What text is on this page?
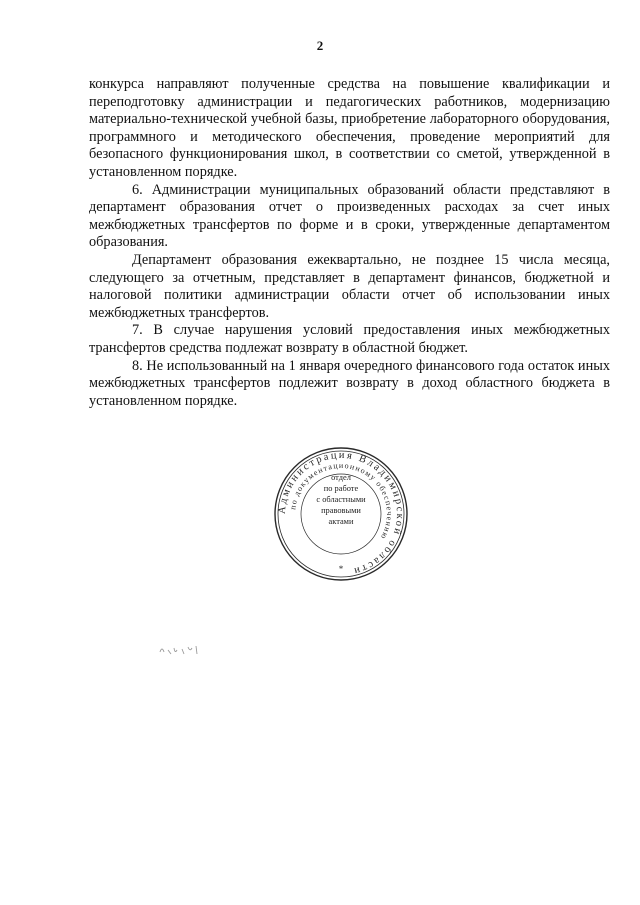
2

конкурса направляют полученные средства на повышение квалификации и переподготовку администрации и педагогических работников, модернизацию материально-технической учебной базы, приобретение лабораторного оборудования, программного и методического обеспечения, проведение мероприятий для безопасного функционирования школ, в соответствии со сметой, утвержденной в установленном порядке.

6. Администрации муниципальных образований области представляют в департамент образования отчет о произведенных расходах за счет иных межбюджетных трансфертов по форме и в сроки, утвержденные департаментом образования.

Департамент образования ежеквартально, не позднее 15 числа месяца, следующего за отчетным, представляет в департамент финансов, бюджетной и налоговой политики администрации области отчет об использовании иных межбюджетных трансфертов.

7. В случае нарушения условий предоставления иных межбюджетных трансфертов средства подлежат возврату в областной бюджет.

8. Не использованный на 1 января очередного финансового года остаток иных межбюджетных трансфертов подлежит возврату в доход областного бюджета в установленном порядке.

Администрация Владимирской области
по документационному обеспечению
*
отдел
по работе
с областными
правовыми
актами
